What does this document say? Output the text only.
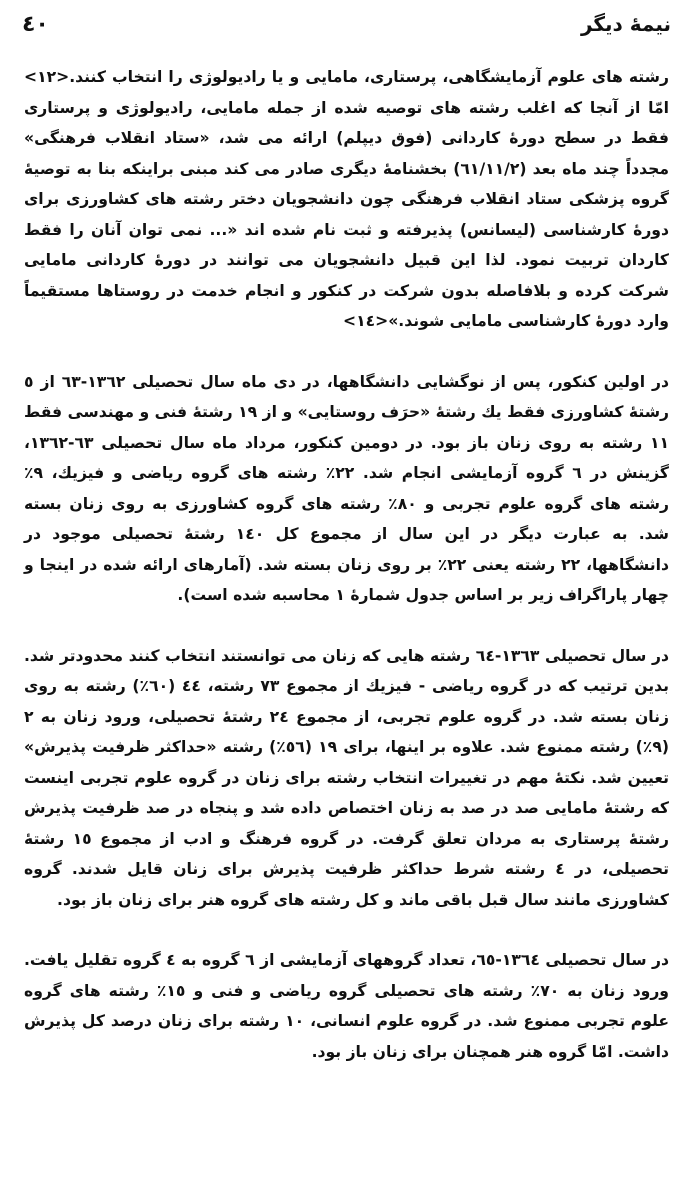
٤٠	نیمهٔ دیگر

رشته های علوم آزمایشگاهی، پرستاری، مامایی و یا رادیولوژی را انتخاب کنند.<١٢> امّا از آنجا که اغلب رشته های توصیه شده از جمله مامایی، رادیولوژی و پرستاری فقط در سطح دورهٔ کاردانی (فوق دیپلم) ارائه می شد، «ستاد انقلاب فرهنگی» مجدداً چند ماه بعد (٦١/١١/٢) بخشنامهٔ دیگری صادر می کند مبنی براینکه بنا به توصیهٔ گروه پزشکی ستاد انقلاب فرهنگی چون دانشجویان دختر رشته های کشاورزی برای دورهٔ کارشناسی (لیسانس) پذیرفته و ثبت نام شده اند «... نمی توان آنان را فقط کاردان تربیت نمود. لذا این قبیل دانشجویان می توانند در دورهٔ کاردانی مامایی شرکت کرده و بلافاصله بدون شرکت در کنکور و انجام خدمت در روستاها مستقیماً وارد دورهٔ کارشناسی مامایی شوند.»<١٤>

در اولین کنکور، پس از نوگشایی دانشگاهها، در دی ماه سال تحصیلی ١٣٦٢-٦٣ از ٥ رشتهٔ کشاورزی فقط یك رشتهٔ «حرَف روستایی» و از ١٩ رشتهٔ فنی و مهندسی فقط ١١ رشته به روی زنان باز بود. در دومین کنکور، مرداد ماه سال تحصیلی ٦٣-١٣٦٢، گزینش در ٦ گروه آزمایشی انجام شد. ٢٢٪ رشته های گروه ریاضی و فیزیك، ٩٪ رشته های گروه علوم تجربی و ٨٠٪ رشته های گروه کشاورزی به روی زنان بسته شد. به عبارت دیگر در این سال از مجموع کل ١٤٠ رشتهٔ تحصیلی موجود در دانشگاهها، ٢٢ رشته یعنی ٢٢٪ بر روی زنان بسته شد. (آمارهای ارائه شده در اینجا و چهار پاراگراف زیر بر اساس جدول شمارهٔ ١ محاسبه شده است).

در سال تحصیلی ١٣٦٣-٦٤ رشته هایی که زنان می توانستند انتخاب کنند محدودتر شد. بدین ترتیب که در گروه ریاضی - فیزیك از مجموع ٧٣ رشته، ٤٤ (٦٠٪) رشته به روی زنان بسته شد. در گروه علوم تجربی، از مجموع ٢٤ رشتهٔ تحصیلی، ورود زنان به ٢ (٩٪) رشته ممنوع شد. علاوه بر اینها، برای ١٩ (٥٦٪) رشته «حداکثر ظرفیت پذیرش» تعیین شد. نکتهٔ مهم در تغییرات انتخاب رشته برای زنان در گروه علوم تجربی اینست که رشتهٔ مامایی صد در صد به زنان اختصاص داده شد و پنجاه در صد ظرفیت پذیرش رشتهٔ پرستاری به مردان تعلق گرفت. در گروه فرهنگ و ادب از مجموع ١٥ رشتهٔ تحصیلی، در ٤ رشته شرط حداکثر ظرفیت پذیرش برای زنان قایل شدند. گروه کشاورزی مانند سال قبل باقی ماند و کل رشته های گروه هنر برای زنان باز بود.

در سال تحصیلی ١٣٦٤-٦٥، تعداد گروههای آزمایشی از ٦ گروه به ٤ گروه تقلیل یافت. ورود زنان به ٧٠٪ رشته های تحصیلی گروه ریاضی و فنی و ١٥٪ رشته های گروه علوم تجربی ممنوع شد. در گروه علوم انسانی، ١٠ رشته برای زنان درصد کل پذیرش داشت. امّا گروه هنر همچنان برای زنان باز بود.
